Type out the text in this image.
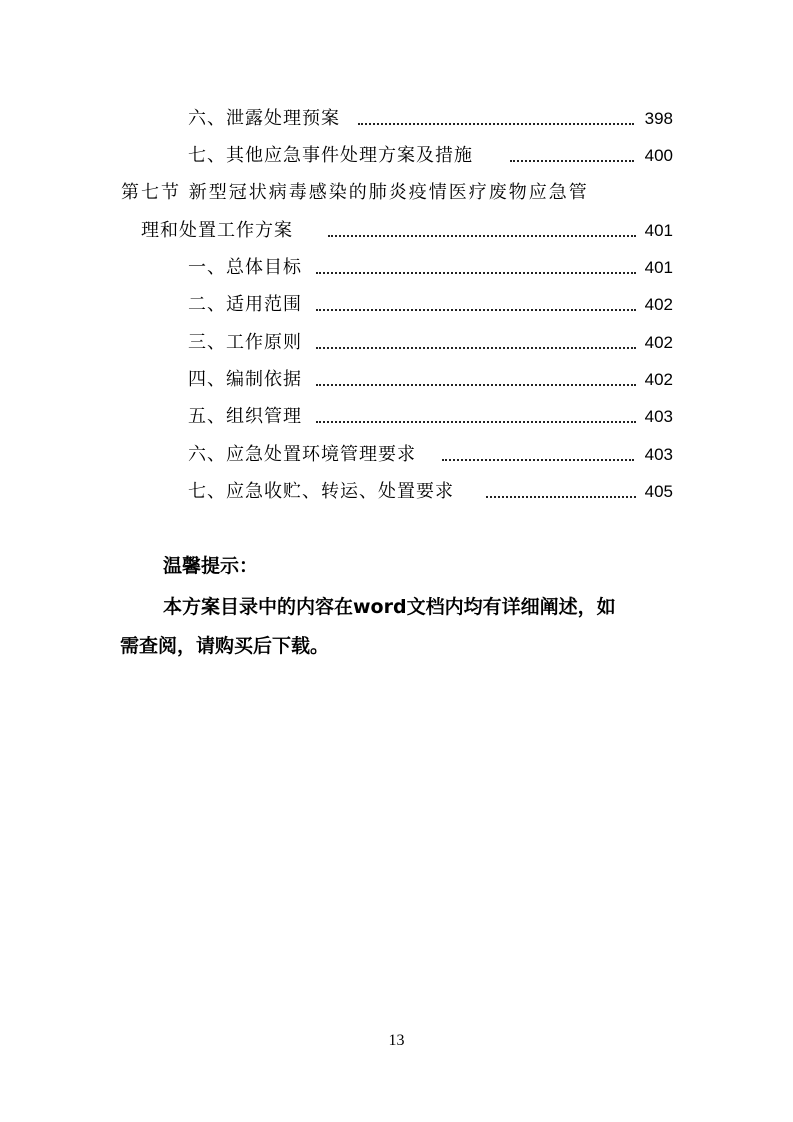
六、泄露处理预案	398
七、其他应急事件处理方案及措施	400
第七节 新型冠状病毒感染的肺炎疫情医疗废物应急管
理和处置工作方案	401
一、总体目标	401
二、适用范围	402
三、工作原则	402
四、编制依据	402
五、组织管理	403
六、应急处置环境管理要求	403
七、应急收贮、转运、处置要求	405
温馨提示：
本方案目录中的内容在word文档内均有详细阐述，如
需查阅，请购买后下载。
13
